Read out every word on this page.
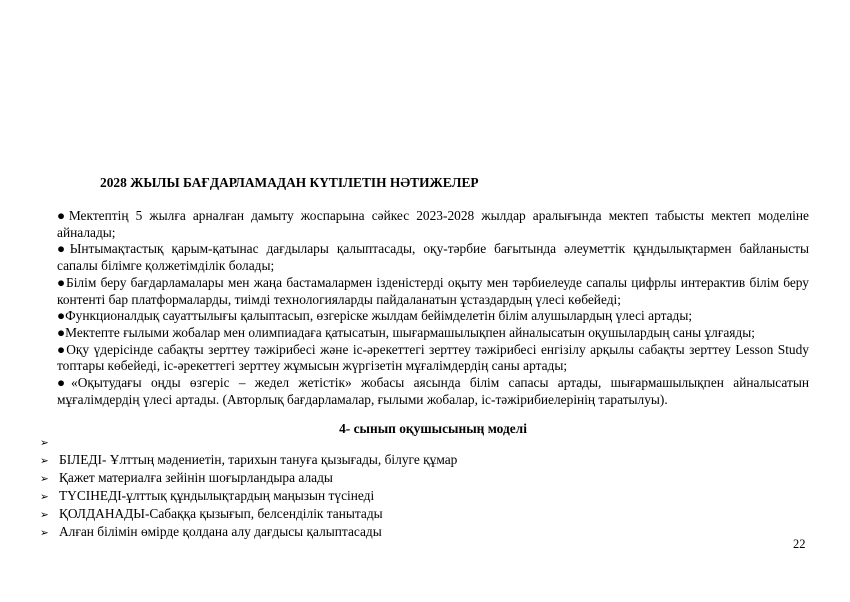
2028 ЖЫЛЫ БАҒДАРЛАМАДАН КҮТІЛЕТІН НӘТИЖЕЛЕР

●Мектептің 5 жылға арналған дамыту жоспарына сәйкес 2023-2028 жылдар аралығында мектеп табысты мектеп моделіне айналады;

●Ынтымақтастық қарым-қатынас дағдылары қалыптасады, оқу-тәрбие бағытында әлеуметтік құндылықтармен байланысты сапалы білімге қолжетімділік болады;

●Білім беру бағдарламалары мен жаңа бастамалармен ізденістерді оқыту мен тәрбиелеуде сапалы цифрлы интерактив білім беру контенті бар платформаларды, тиімді технологияларды пайдаланатын ұстаздардың үлесі көбейеді;

●Функционалдық сауаттылығы қалыптасып, өзгеріске жылдам бейімделетін білім алушылардың үлесі артады;

●Мектепте ғылыми жобалар мен олимпиадаға қатысатын, шығармашылықпен айналысатын оқушылардың саны ұлғаяды;

●Оқу үдерісінде сабақты зерттеу тәжірибесі және іс-әрекеттегі зерттеу тәжірибесі енгізілу арқылы сабақты зерттеу Lesson Study топтары көбейеді, іс-әрекеттегі зерттеу жұмысын жүргізетін мұғалімдердің саны артады;

●«Оқытудағы оңды өзгеріс – жедел жетістік» жобасы аясында білім сапасы артады, шығармашылықпен айналысатын мұғалімдердің үлесі артады. (Авторлық бағдарламалар, ғылыми жобалар, іс-тәжірибиелерінің таратылуы).

4- сынып оқушысының моделі
➢
➢ БІЛЕДІ- Ұлттың мәдениетін, тарихын тануға қызығады, білуге құмар
➢ Қажет материалға зейінін шоғырландыра алады
➢ ТҮСІНЕДІ-ұлттық құндылықтардың маңызын түсінеді
➢ ҚОЛДАНАДЫ-Сабаққа қызығып, белсенділік танытады
➢ Алған білімін өмірде қолдана алу дағдысы қалыптасады
22
